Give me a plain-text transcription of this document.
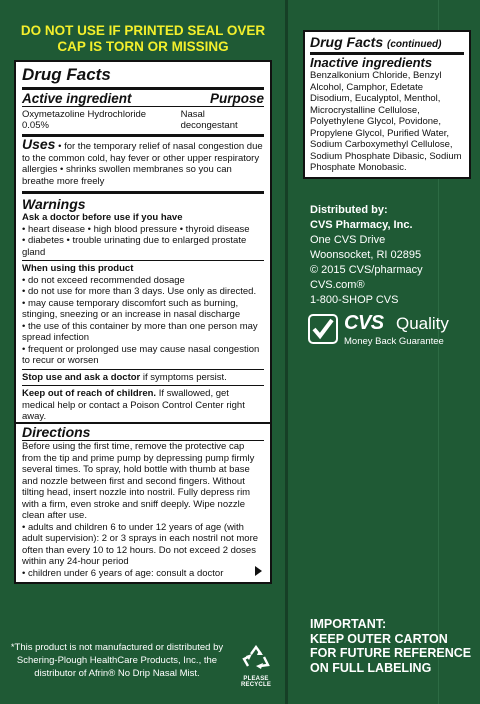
DO NOT USE IF PRINTED SEAL OVER
CAP IS TORN OR MISSING
Drug Facts
Active ingredient	Purpose
Oxymetazoline Hydrochloride 0.05%
Nasal decongestant
Uses • for the temporary relief of nasal congestion due to the common cold, hay fever or other upper respiratory allergies • shrinks swollen membranes so you can breathe more freely
Warnings
Ask a doctor before use if you have
• heart disease • high blood pressure • thyroid disease
• diabetes • trouble urinating due to enlarged prostate gland
When using this product
• do not exceed recommended dosage
• do not use for more than 3 days. Use only as directed.
• may cause temporary discomfort such as burning, stinging, sneezing or an increase in nasal discharge
• the use of this container by more than one person may spread infection
• frequent or prolonged use may cause nasal congestion to recur or worsen
Stop use and ask a doctor if symptoms persist.
Keep out of reach of children. If swallowed, get medical help or contact a Poison Control Center right away.
Directions
Before using the first time, remove the protective cap from the tip and prime pump by depressing pump firmly several times. To spray, hold bottle with thumb at base and nozzle between first and second fingers. Without tilting head, insert nozzle into nostril. Fully depress rim with a firm, even stroke and sniff deeply. Wipe nozzle clean after use.
• adults and children 6 to under 12 years of age (with adult supervision): 2 or 3 sprays in each nostril not more often than every 10 to 12 hours. Do not exceed 2 doses within any 24-hour period
• children under 6 years of age: consult a doctor
*This product is not manufactured or distributed by Schering-Plough HealthCare Products, Inc., the distributor of Afrin® No Drip Nasal Mist.	PLEASE RECYCLE
Drug Facts (continued)
Inactive ingredients
Benzalkonium Chloride, Benzyl Alcohol, Camphor, Edetate Disodium, Eucalyptol, Menthol, Microcrystalline Cellulose, Polyethylene Glycol, Povidone, Propylene Glycol, Purified Water, Sodium Carboxymethyl Cellulose, Sodium Phosphate Dibasic, Sodium Phosphate Monobasic.
Distributed by:
CVS Pharmacy, Inc.
One CVS Drive
Woonsocket, RI 02895
© 2015 CVS/pharmacy
CVS.com®
1-800-SHOP CVS
CVS Quality
Money Back Guarantee
IMPORTANT:
KEEP OUTER CARTON
FOR FUTURE REFERENCE
ON FULL LABELING
